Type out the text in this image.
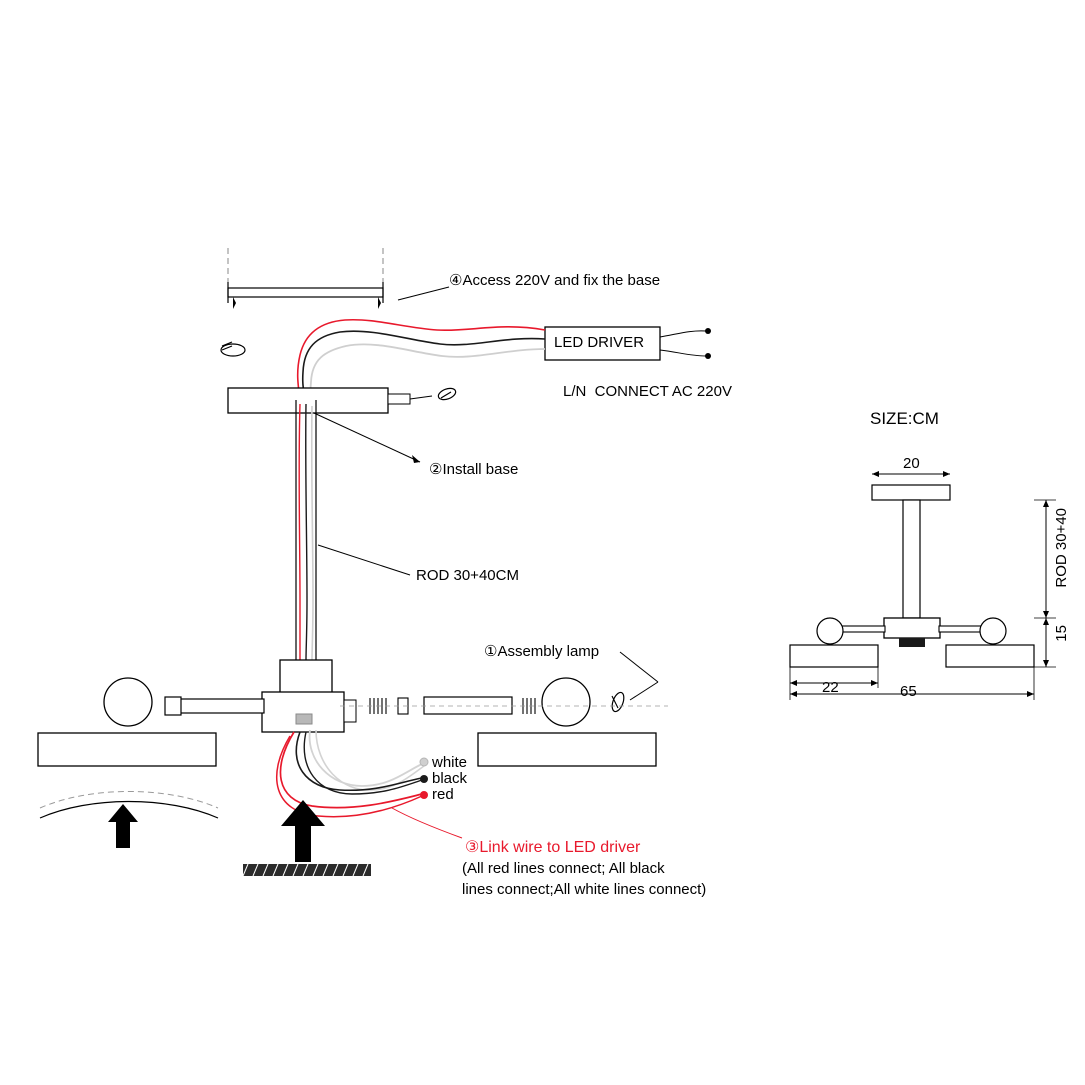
④Access 220V and fix the base
LED DRIVER
L/N  CONNECT AC 220V
②Install base
ROD 30+40CM
①Assembly lamp
white
black
red
③Link wire to LED driver
(All red lines connect; All black
lines connect;All white lines connect)
SIZE:CM
20
ROD 30+40
15
22	65
